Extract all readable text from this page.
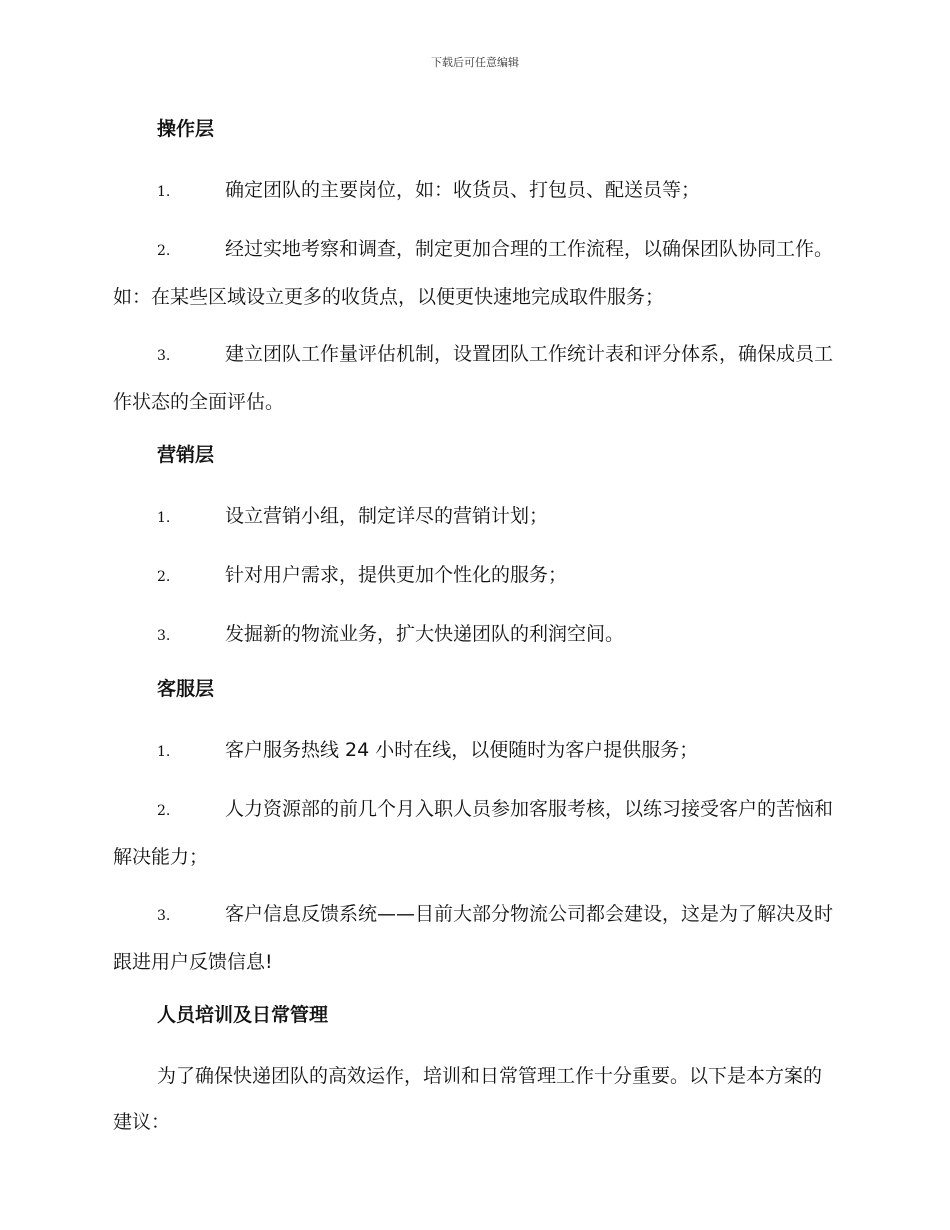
下载后可任意编辑
操作层
1.	确定团队的主要岗位，如：收货员、打包员、配送员等；
2.	经过实地考察和调查，制定更加合理的工作流程，以确保团队协同工作。如：在某些区域设立更多的收货点，以便更快速地完成取件服务；
3.	建立团队工作量评估机制，设置团队工作统计表和评分体系，确保成员工作状态的全面评估。
营销层
1.	设立营销小组，制定详尽的营销计划；
2.	针对用户需求，提供更加个性化的服务；
3.	发掘新的物流业务，扩大快递团队的利润空间。
客服层
1.	客户服务热线 24 小时在线，以便随时为客户提供服务；
2.	人力资源部的前几个月入职人员参加客服考核，以练习接受客户的苦恼和解决能力；
3.	客户信息反馈系统——目前大部分物流公司都会建设，这是为了解决及时跟进用户反馈信息!
人员培训及日常管理
为了确保快递团队的高效运作，培训和日常管理工作十分重要。以下是本方案的建议：
